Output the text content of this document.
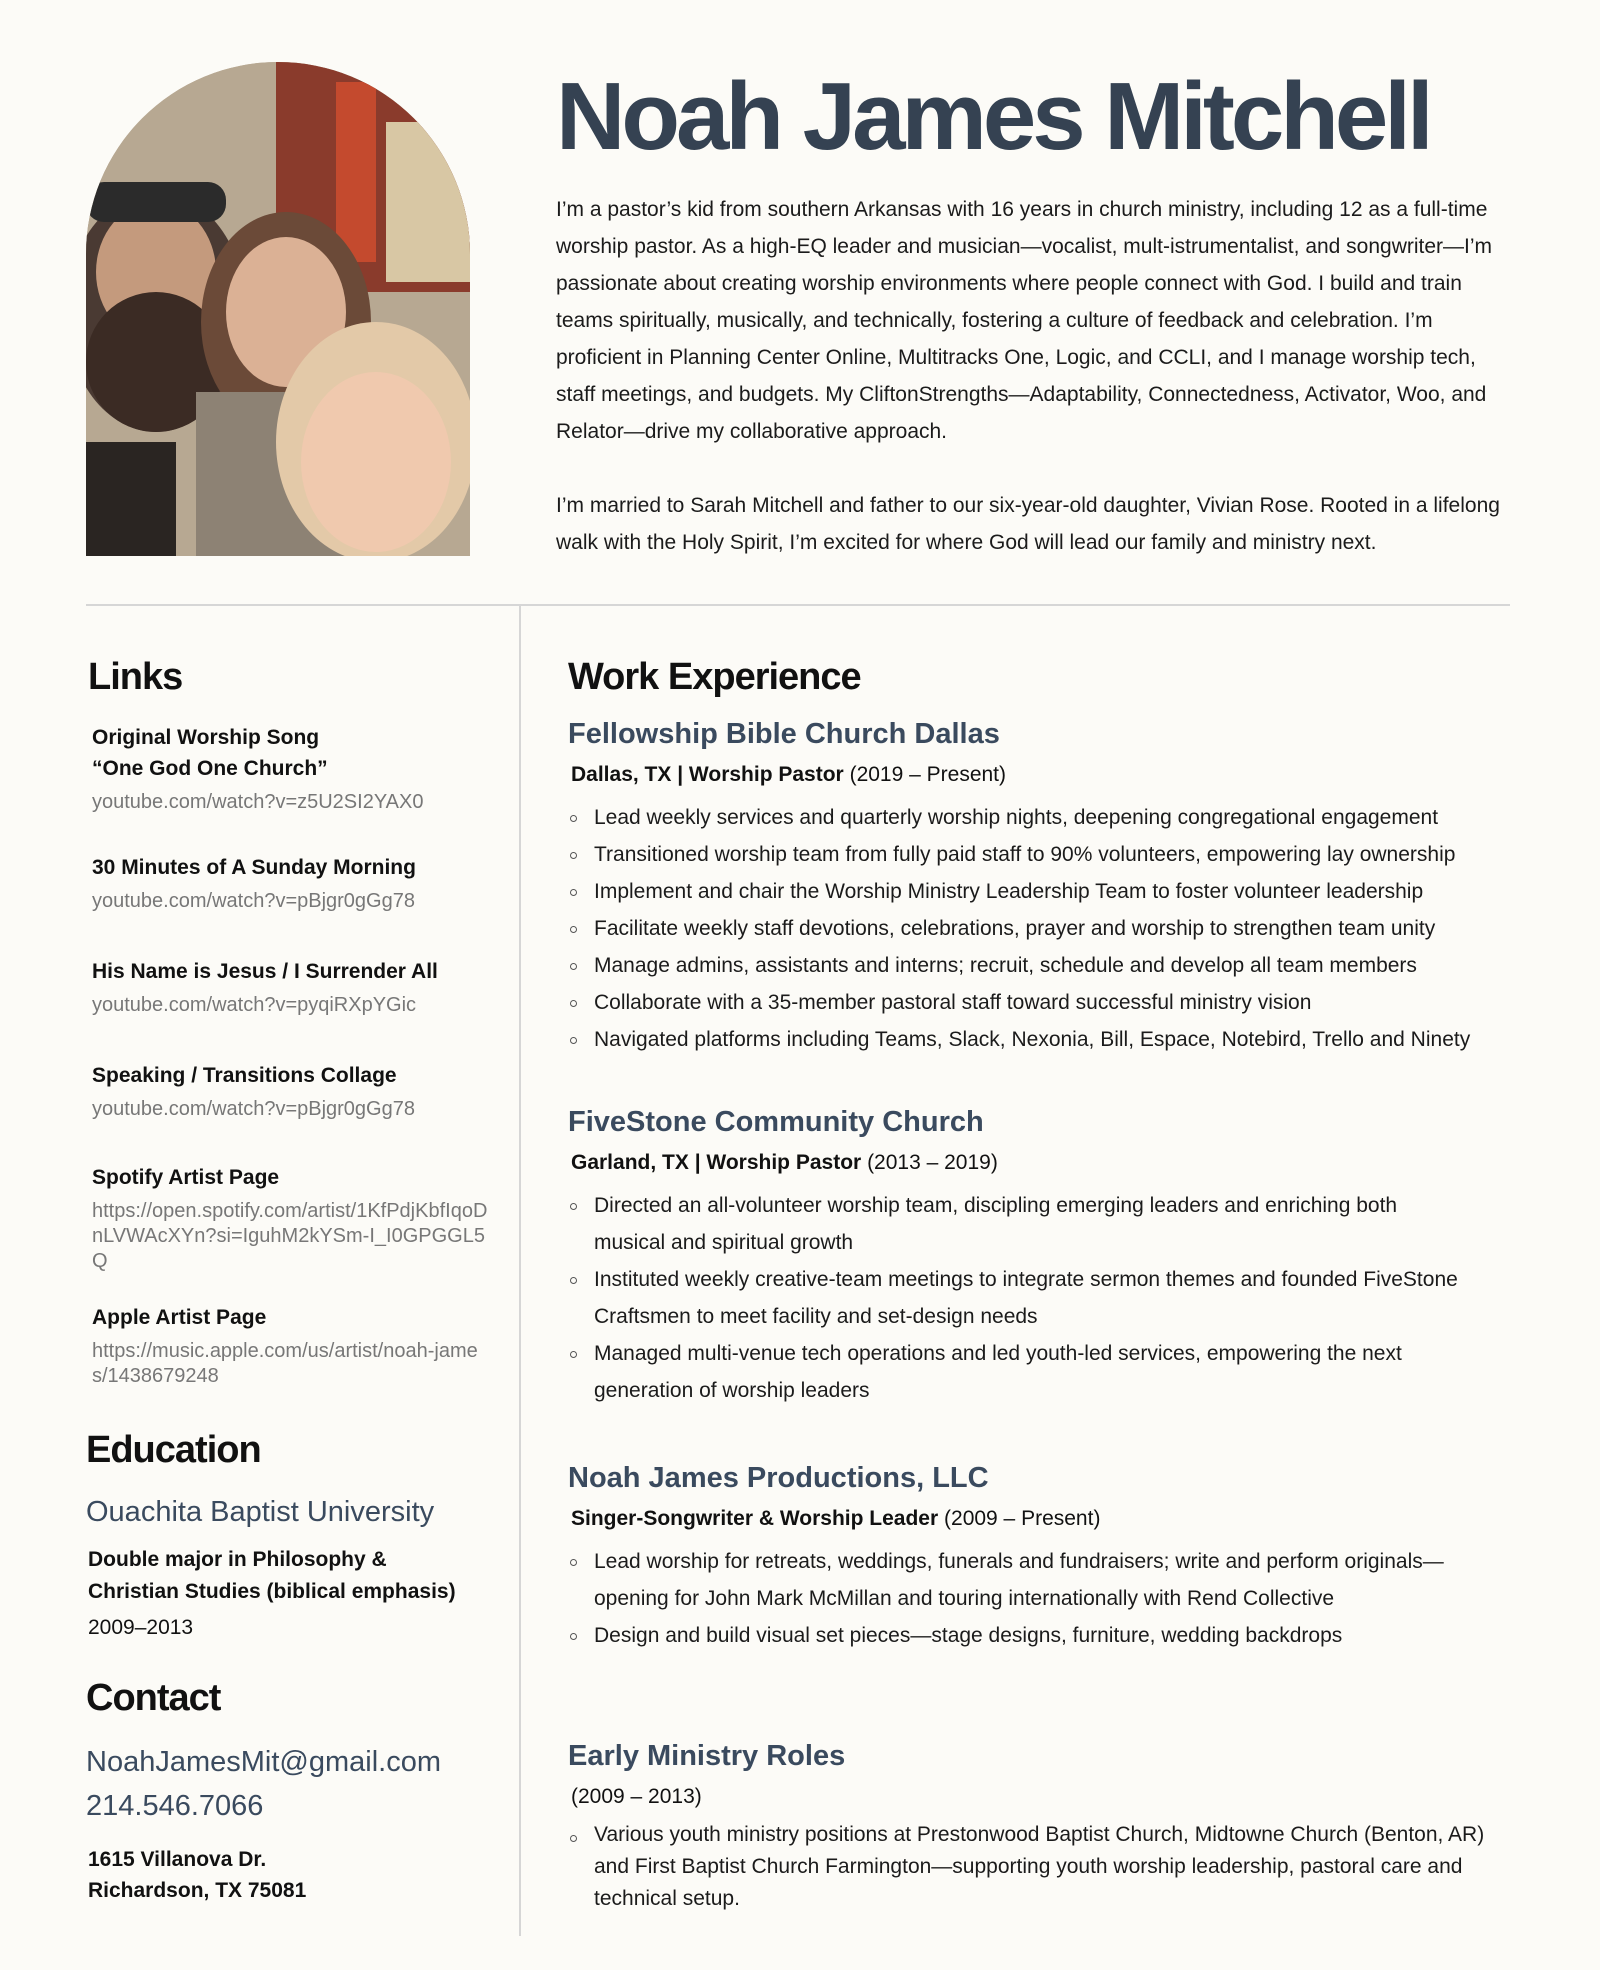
Noah James Mitchell

I’m a pastor’s kid from southern Arkansas with 16 years in church ministry, including 12 as a full-time worship pastor. As a high-EQ leader and musician—vocalist, mult-istrumentalist, and songwriter—I’m passionate about creating worship environments where people connect with God. I build and train teams spiritually, musically, and technically, fostering a culture of feedback and celebration. I’m proficient in Planning Center Online, Multitracks One, Logic, and CCLI, and I manage worship tech, staff meetings, and budgets. My CliftonStrengths—Adaptability, Connectedness, Activator, Woo, and Relator—drive my collaborative approach.

I’m married to Sarah Mitchell and father to our six-year-old daughter, Vivian Rose. Rooted in a lifelong walk with the Holy Spirit, I’m excited for where God will lead our family and ministry next.

Links
Original Worship Song
“One God One Church”
youtube.com/watch?v=z5U2SI2YAX0
30 Minutes of A Sunday Morning
youtube.com/watch?v=pBjgr0gGg78
His Name is Jesus / I Surrender All
youtube.com/watch?v=pyqiRXpYGic
Speaking / Transitions Collage
youtube.com/watch?v=pBjgr0gGg78
Spotify Artist Page
https://open.spotify.com/artist/1KfPdjKbfIqoDnLVWAcXYn?si=IguhM2kYSm-I_I0GPGGL5Q
Apple Artist Page
https://music.apple.com/us/artist/noah-james/1438679248
Education
Ouachita Baptist University
Double major in Philosophy &
Christian Studies (biblical emphasis)
2009–2013
Contact
NoahJamesMit@gmail.com
214.546.7066
1615 Villanova Dr.
Richardson, TX 75081
Work Experience
Fellowship Bible Church Dallas
Dallas, TX | Worship Pastor (2019 – Present)
Lead weekly services and quarterly worship nights, deepening congregational engagement
Transitioned worship team from fully paid staff to 90% volunteers, empowering lay ownership
Implement and chair the Worship Ministry Leadership Team to foster volunteer leadership
Facilitate weekly staff devotions, celebrations, prayer and worship to strengthen team unity
Manage admins, assistants and interns; recruit, schedule and develop all team members
Collaborate with a 35-member pastoral staff toward successful ministry vision
Navigated platforms including Teams, Slack, Nexonia, Bill, Espace, Notebird, Trello and Ninety
FiveStone Community Church
Garland, TX | Worship Pastor (2013 – 2019)
Directed an all-volunteer worship team, discipling emerging leaders and enriching both musical and spiritual growth
Instituted weekly creative-team meetings to integrate sermon themes and founded FiveStone Craftsmen to meet facility and set-design needs
Managed multi-venue tech operations and led youth-led services, empowering the next generation of worship leaders
Noah James Productions, LLC
Singer-Songwriter & Worship Leader (2009 – Present)
Lead worship for retreats, weddings, funerals and fundraisers; write and perform originals—opening for John Mark McMillan and touring internationally with Rend Collective
Design and build visual set pieces—stage designs, furniture, wedding backdrops
Early Ministry Roles
(2009 – 2013)
Various youth ministry positions at Prestonwood Baptist Church, Midtowne Church (Benton, AR) and First Baptist Church Farmington—supporting youth worship leadership, pastoral care and technical setup.
